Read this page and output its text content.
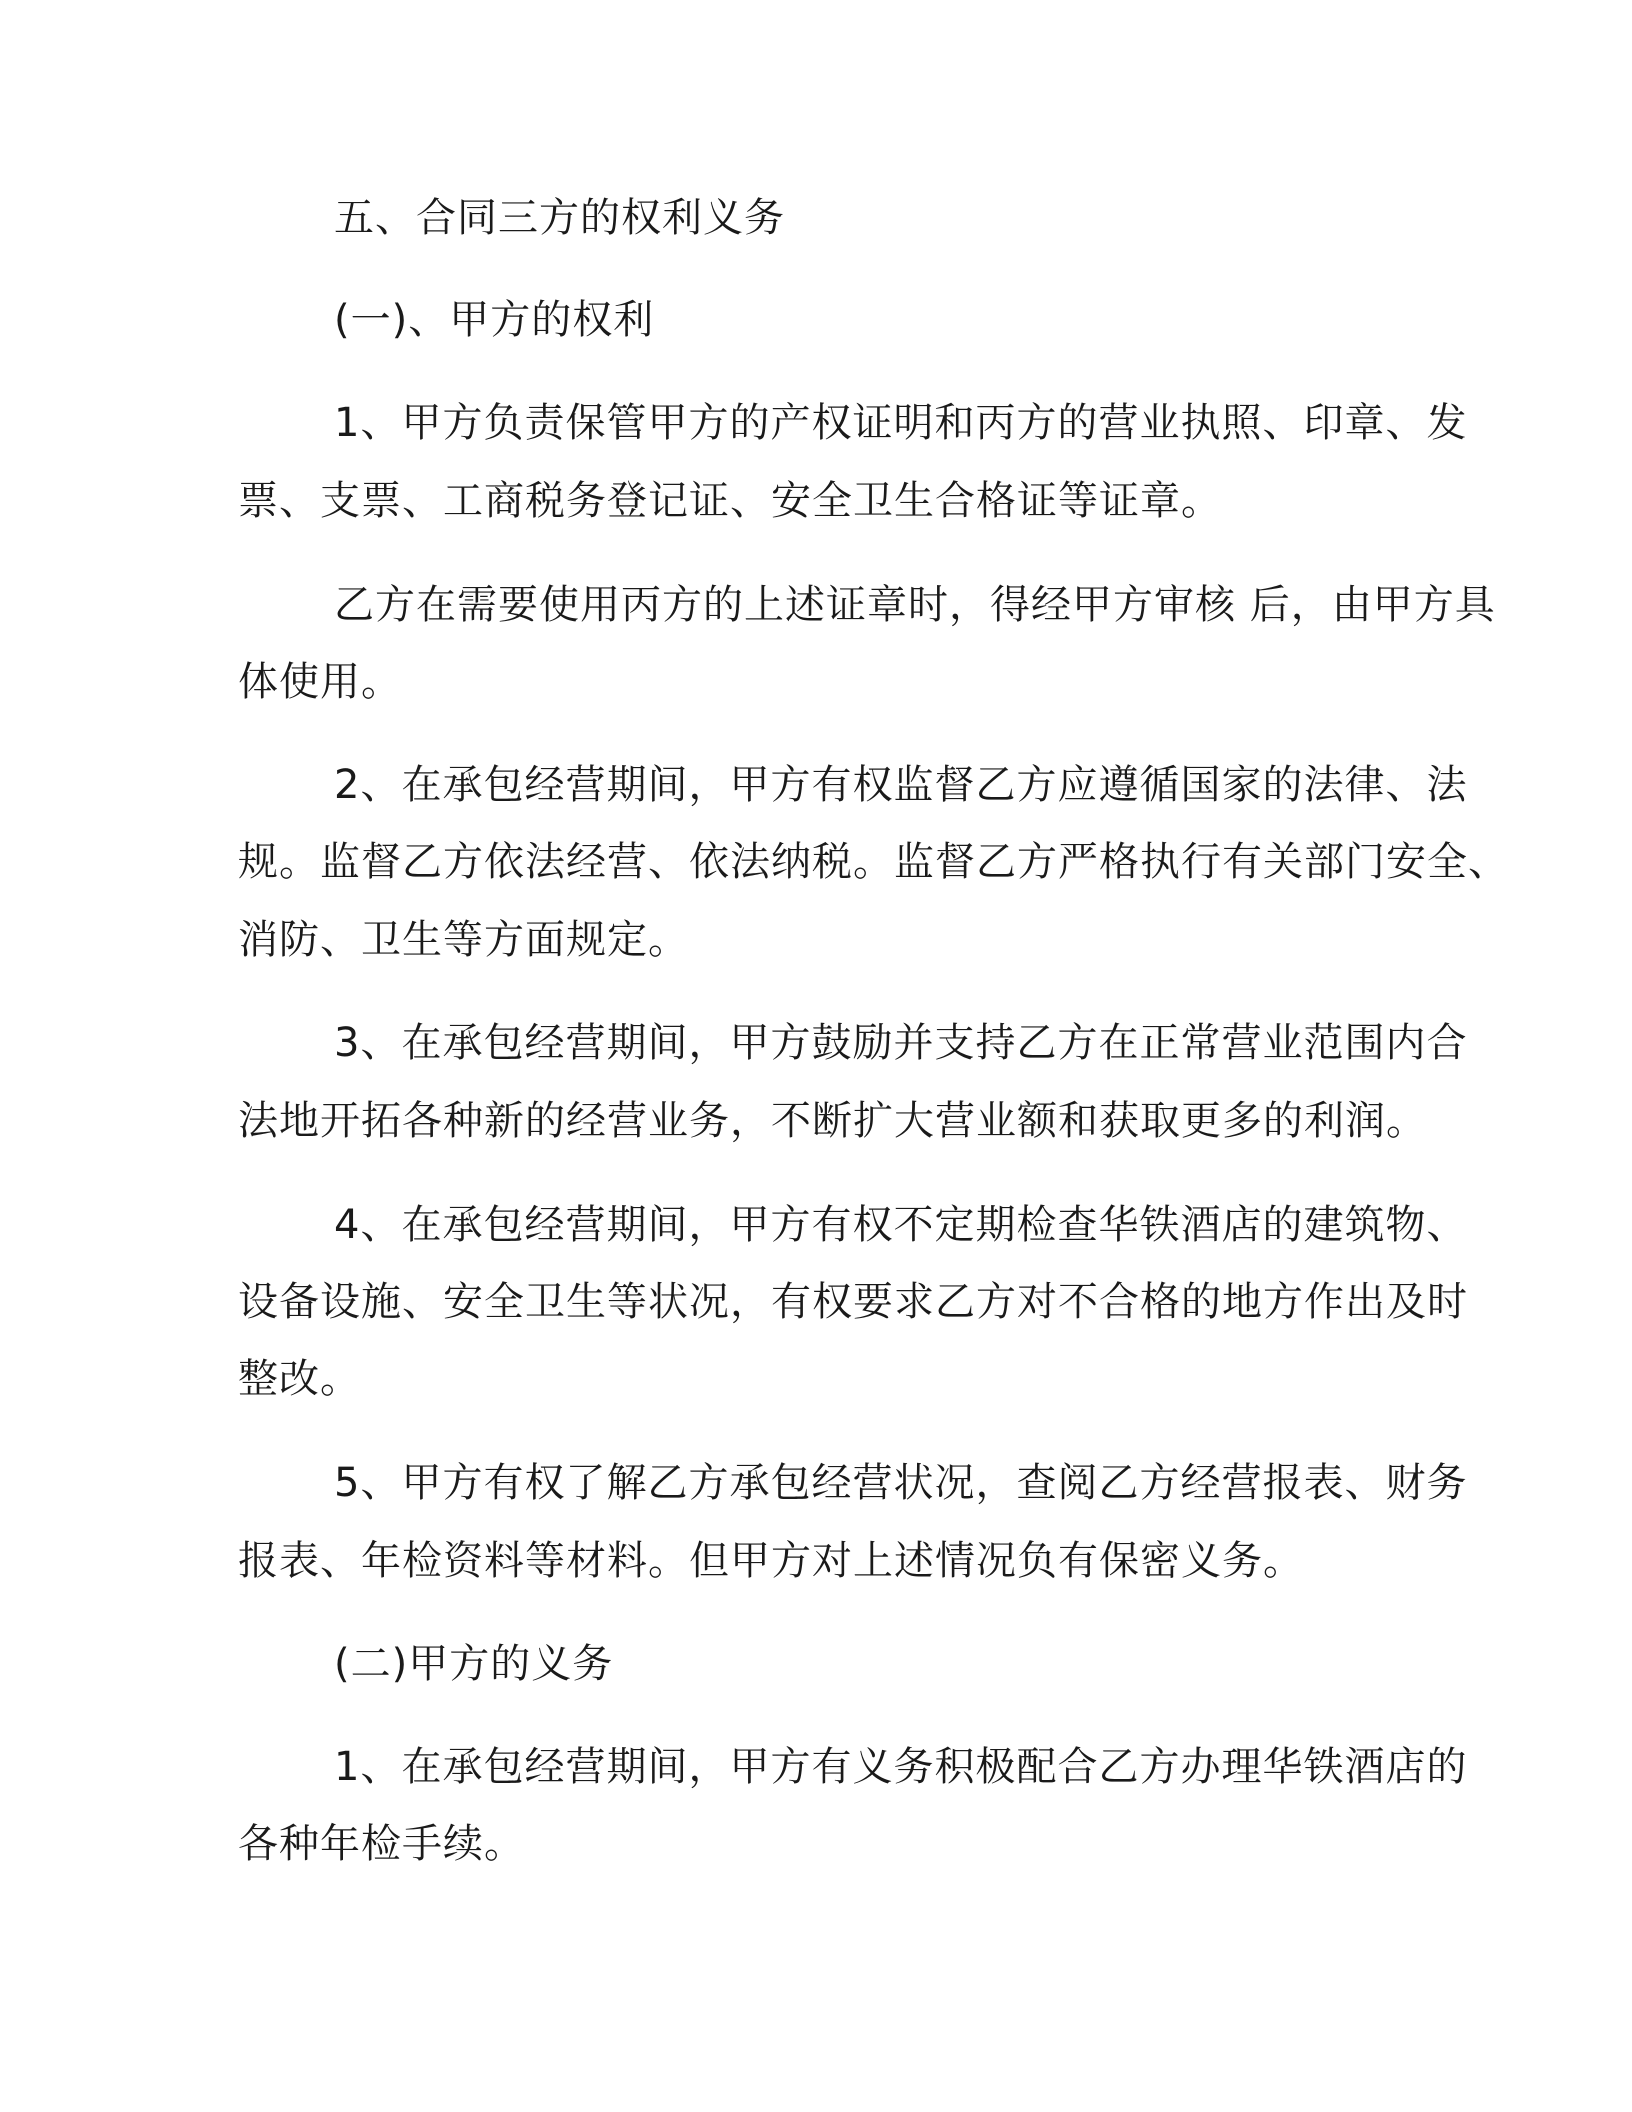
五、合同三方的权利义务
(一)、甲方的权利
1、甲方负责保管甲方的产权证明和丙方的营业执照、印章、发
票、支票、工商税务登记证、安全卫生合格证等证章。
乙方在需要使用丙方的上述证章时，得经甲方审核 后，由甲方具
体使用。
2、在承包经营期间，甲方有权监督乙方应遵循国家的法律、法
规。监督乙方依法经营、依法纳税。监督乙方严格执行有关部门安全、
消防、卫生等方面规定。
3、在承包经营期间，甲方鼓励并支持乙方在正常营业范围内合
法地开拓各种新的经营业务，不断扩大营业额和获取更多的利润。
4、在承包经营期间，甲方有权不定期检查华铁酒店的建筑物、
设备设施、安全卫生等状况，有权要求乙方对不合格的地方作出及时
整改。
5、甲方有权了解乙方承包经营状况，查阅乙方经营报表、财务
报表、年检资料等材料。但甲方对上述情况负有保密义务。
(二)甲方的义务
1、在承包经营期间，甲方有义务积极配合乙方办理华铁酒店的
各种年检手续。
